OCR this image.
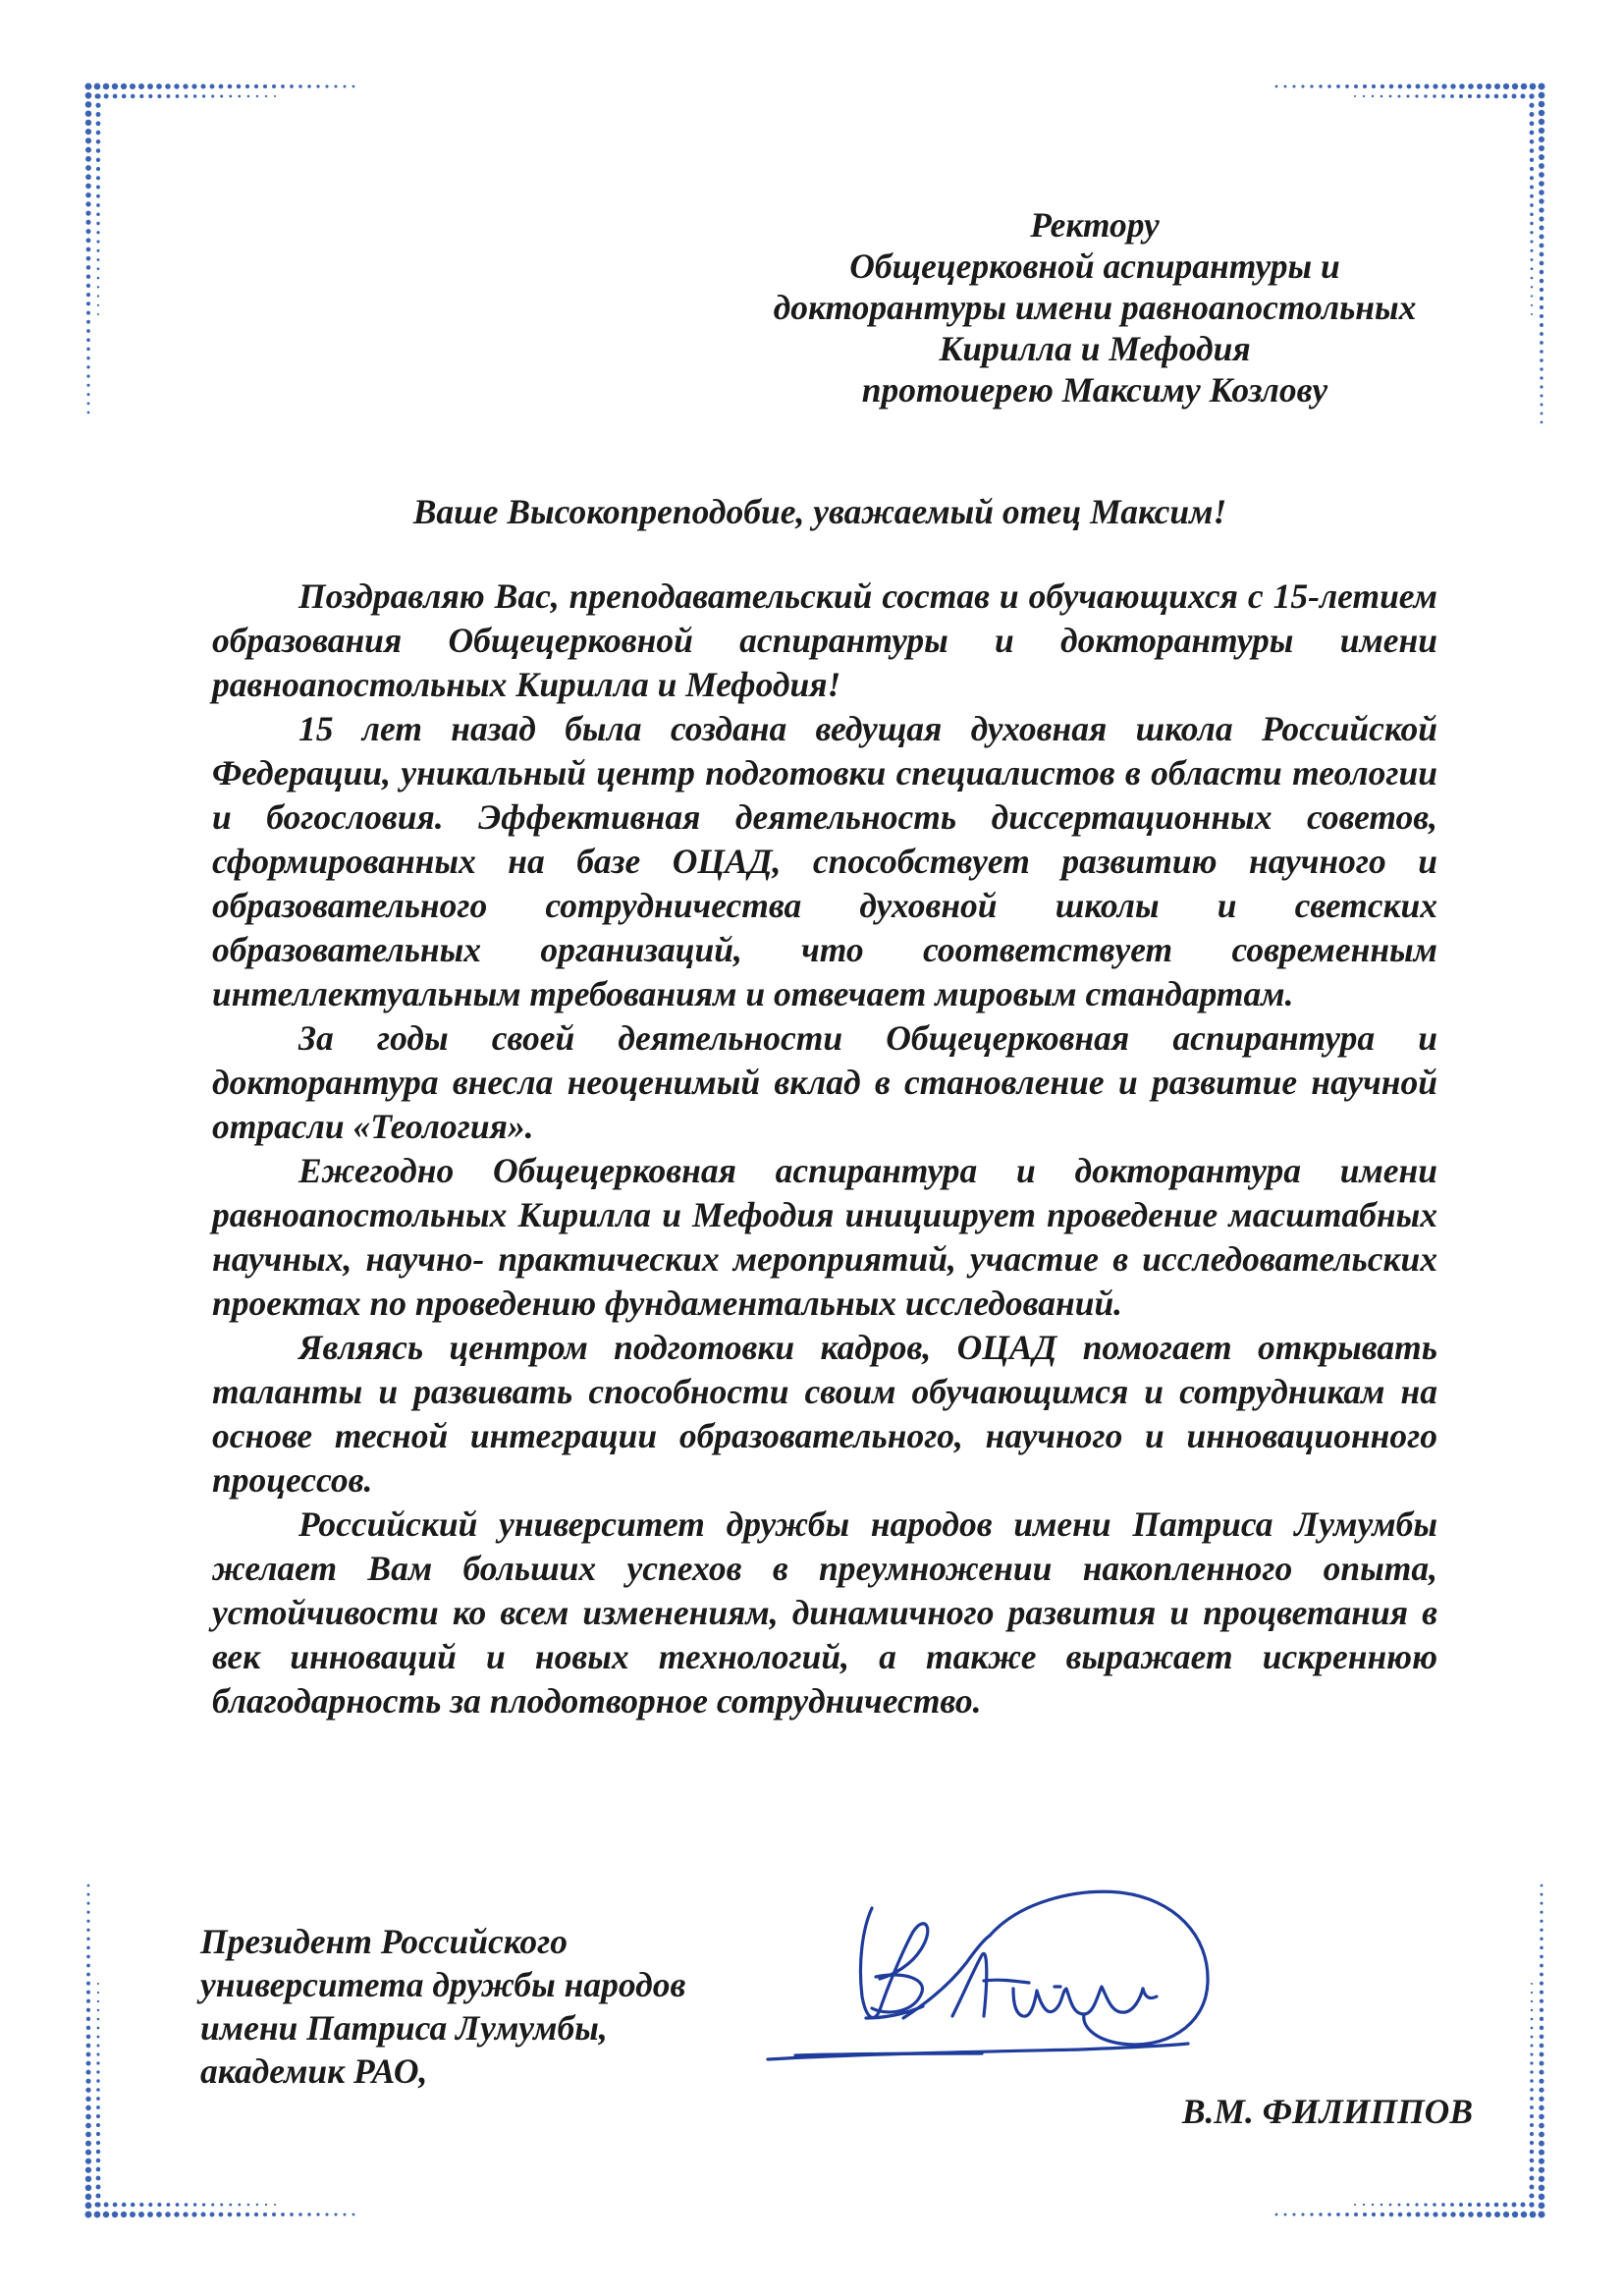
Ректору
Общецерковной аспирантуры и
докторантуры имени равноапостольных
Кирилла и Мефодия
протоиерею Максиму Козлову
Ваше Высокопреподобие, уважаемый отец Максим!

Поздравляю Вас, преподавательский состав и обучающихся с 15-летием образования Общецерковной аспирантуры и докторантуры имени равноапостольных Кирилла и Мефодия!

15 лет назад была создана ведущая духовная школа Российской Федерации, уникальный центр подготовки специалистов в области теологии и богословия. Эффективная деятельность диссертационных советов, сформированных на базе ОЦАД, способствует развитию научного и образовательного сотрудничества духовной школы и светских образовательных организаций, что соответствует современным интеллектуальным требованиям и отвечает мировым стандартам.

За годы своей деятельности Общецерковная аспирантура и докторантура внесла неоценимый вклад в становление и развитие научной отрасли «Теология».

Ежегодно Общецерковная аспирантура и докторантура имени равноапостольных Кирилла и Мефодия инициирует проведение масштабных научных, научно- практических мероприятий, участие в исследовательских проектах по проведению фундаментальных исследований.

Являясь центром подготовки кадров, ОЦАД помогает открывать таланты и развивать способности своим обучающимся и сотрудникам на основе тесной интеграции образовательного, научного и инновационного процессов.

Российский университет дружбы народов имени Патриса Лумумбы желает Вам больших успехов в преумножении накопленного опыта, устойчивости ко всем изменениям, динамичного развития и процветания в век инноваций и новых технологий, а также выражает искреннюю благодарность за плодотворное сотрудничество.

Президент Российского
университета дружбы народов
имени Патриса Лумумбы,
академик РАО,
В.М. ФИЛИППОВ
